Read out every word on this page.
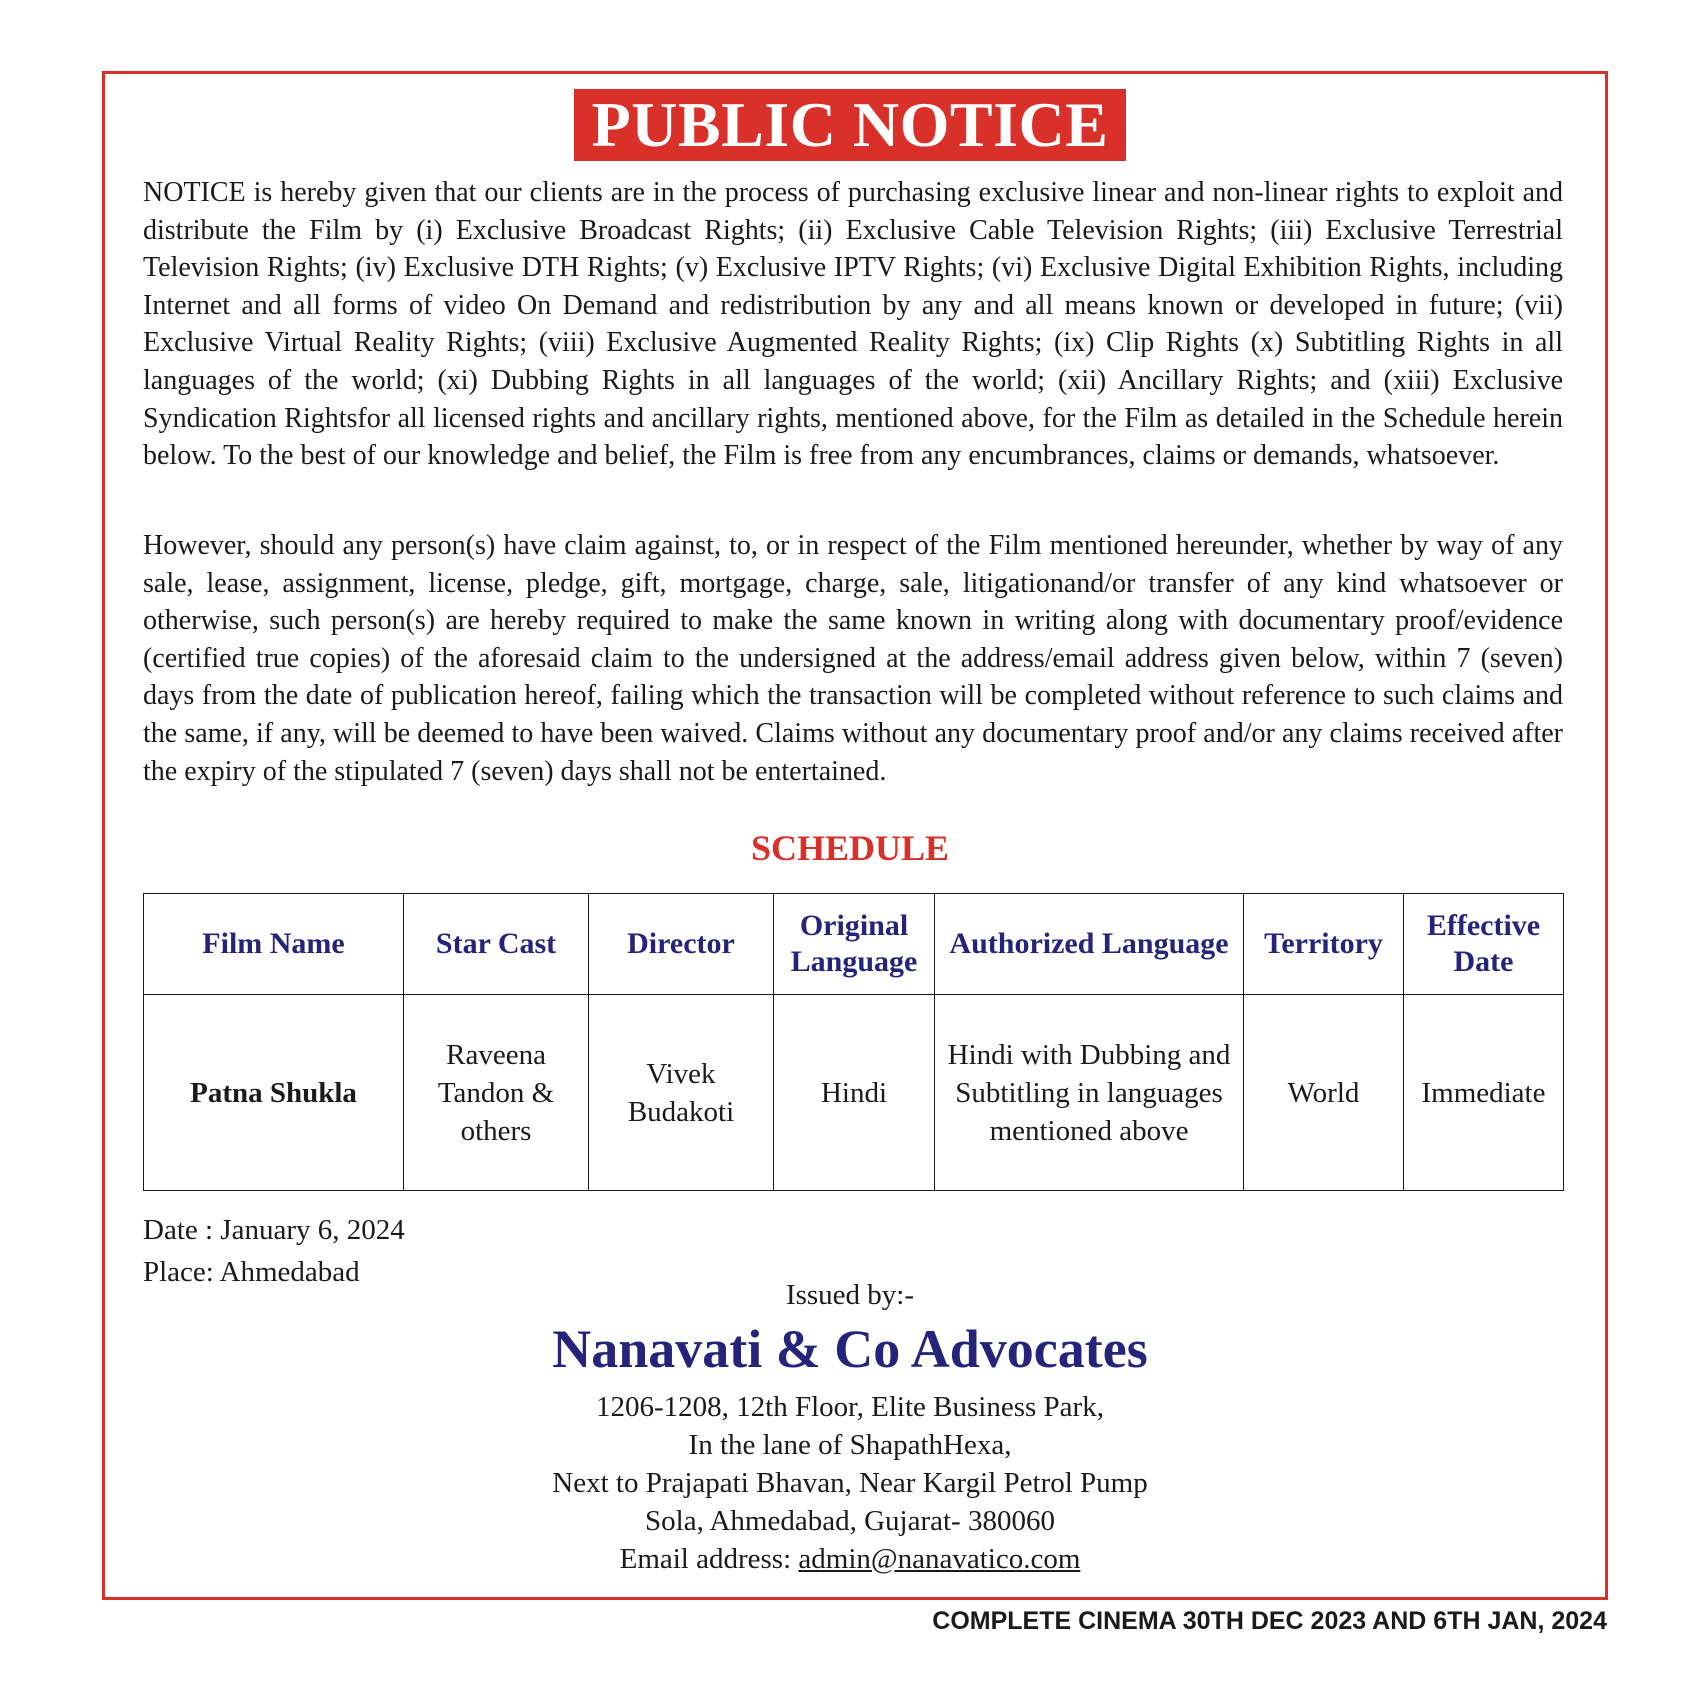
PUBLIC NOTICE

NOTICE is hereby given that our clients are in the process of purchasing exclusive linear and non-linear rights to exploit and distribute the Film by (i) Exclusive Broadcast Rights; (ii) Exclusive Cable Television Rights; (iii) Exclusive Terrestrial Television Rights; (iv) Exclusive DTH Rights; (v) Exclusive IPTV Rights; (vi) Exclusive Digital Exhibition Rights, including Internet and all forms of video On Demand and redistribution by any and all means known or developed in future; (vii) Exclusive Virtual Reality Rights; (viii) Exclusive Augmented Reality Rights; (ix) Clip Rights (x) Subtitling Rights in all languages of the world; (xi) Dubbing Rights in all languages of the world; (xii) Ancillary Rights; and (xiii) Exclusive Syndication Rightsfor all licensed rights and ancillary rights, mentioned above, for the Film as detailed in the Schedule herein below. To the best of our knowledge and belief, the Film is free from any encumbrances, claims or demands, whatsoever.

However, should any person(s) have claim against, to, or in respect of the Film mentioned hereunder, whether by way of any sale, lease, assignment, license, pledge, gift, mortgage, charge, sale, litigationand/or transfer of any kind whatsoever or otherwise, such person(s) are hereby required to make the same known in writing along with documentary proof/evidence (certified true copies) of the aforesaid claim to the undersigned at the address/email address given below, within 7 (seven) days from the date of publication hereof, failing which the transaction will be completed without reference to such claims and the same, if any, will be deemed to have been waived. Claims without any documentary proof and/or any claims received after the expiry of the stipulated 7 (seven) days shall not be entertained.

SCHEDULE
Film Name	Star Cast	Director	Original Language	Authorized Language	Territory	Effective Date
Patna Shukla	Raveena Tandon & others	Vivek Budakoti	Hindi	Hindi with Dubbing and Subtitling in languages mentioned above	World	Immediate
Date : January 6, 2024
Place: Ahmedabad
Issued by:-
Nanavati & Co Advocates
1206-1208, 12th Floor, Elite Business Park,
In the lane of ShapathHexa,
Next to Prajapati Bhavan, Near Kargil Petrol Pump
Sola, Ahmedabad, Gujarat- 380060
Email address: admin@nanavatico.com
COMPLETE CINEMA 30TH DEC 2023 AND 6TH JAN, 2024
